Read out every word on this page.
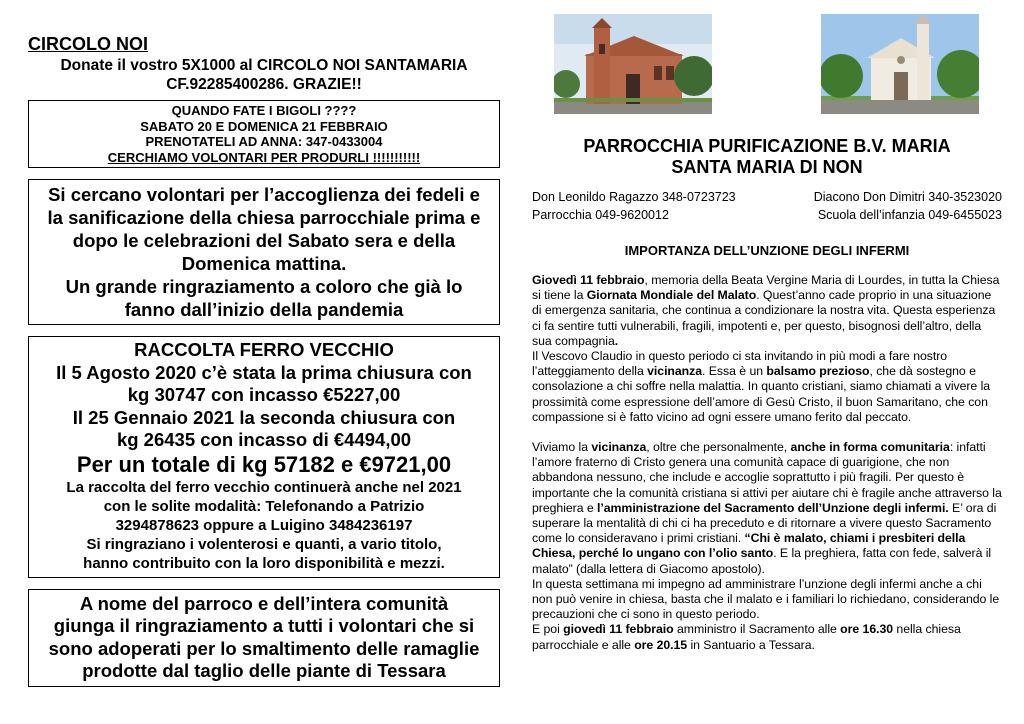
CIRCOLO NOI
Donate il vostro 5X1000 al CIRCOLO NOI SANTAMARIA
CF.92285400286. GRAZIE!!
QUANDO FATE I BIGOLI ????
SABATO 20 E DOMENICA 21 FEBBRAIO
PRENOTATELI AD ANNA: 347-0433004
CERCHIAMO VOLONTARI PER PRODURLI !!!!!!!!!!!
Si cercano volontari per l’accoglienza dei fedeli e
la sanificazione della chiesa parrocchiale prima e
dopo le celebrazioni del Sabato sera e della
Domenica mattina.
Un grande ringraziamento a coloro che già lo
fanno dall’inizio della pandemia
RACCOLTA FERRO VECCHIO
Il 5 Agosto 2020 c’è stata la prima chiusura con
kg 30747 con incasso €5227,00
Il 25 Gennaio 2021 la seconda chiusura con
kg 26435 con incasso di €4494,00
Per un totale di kg 57182 e €9721,00
La raccolta del ferro vecchio continuerà anche nel 2021
con le solite modalità: Telefonando a Patrizio
3294878623 oppure a Luigino 3484236197
Si ringraziano i volenterosi e quanti, a vario titolo,
hanno contribuito con la loro disponibilità e mezzi.
A nome del parroco e dell’intera comunità
giunga il ringraziamento a tutti i volontari che si
sono adoperati per lo smaltimento delle ramaglie
prodotte dal taglio delle piante di Tessara
PARROCCHIA PURIFICAZIONE B.V. MARIA
SANTA MARIA DI NON
Don Leonildo Ragazzo 348-0723723	Diacono Don Dimitri 340-3523020
Parrocchia 049-9620012	Scuola dell’infanzia 049-6455023
IMPORTANZA DELL’UNZIONE DEGLI INFERMI

Giovedì 11 febbraio, memoria della Beata Vergine Maria di Lourdes, in tutta la Chiesa si tiene la Giornata Mondiale del Malato. Quest’anno cade proprio in una situazione di emergenza sanitaria, che continua a condizionare la nostra vita. Questa esperienza ci fa sentire tutti vulnerabili, fragili, impotenti e, per questo, bisognosi dell’altro, della sua compagnia.
Il Vescovo Claudio in questo periodo ci sta invitando in più modi a fare nostro l’atteggiamento della vicinanza. Essa è un balsamo prezioso, che dà sostegno e consolazione a chi soffre nella malattia. In quanto cristiani, siamo chiamati a vivere la prossimità come espressione dell’amore di Gesù Cristo, il buon Samaritano, che con compassione si è fatto vicino ad ogni essere umano ferito dal peccato.

Viviamo la vicinanza, oltre che personalmente, anche in forma comunitaria: infatti l’amore fraterno di Cristo genera una comunità capace di guarigione, che non abbandona nessuno, che include e accoglie soprattutto i più fragili. Per questo è importante che la comunità cristiana si attivi per aiutare chi è fragile anche attraverso la preghiera e l’amministrazione del Sacramento dell’Unzione degli infermi. E’ ora di superare la mentalità di chi ci ha preceduto e di ritornare a vivere questo Sacramento come lo consideravano i primi cristiani. “Chi è malato, chiami i presbiteri della Chiesa, perché lo ungano con l’olio santo. E la preghiera, fatta con fede, salverà il malato” (dalla lettera di Giacomo apostolo).
In questa settimana mi impegno ad amministrare l’unzione degli infermi anche a chi non può venire in chiesa, basta che il malato e i familiari lo richiedano, considerando le precauzioni che ci sono in questo periodo.
E poi giovedì 11 febbraio amministro il Sacramento alle ore 16.30 nella chiesa parrocchiale e alle ore 20.15 in Santuario a Tessara.
